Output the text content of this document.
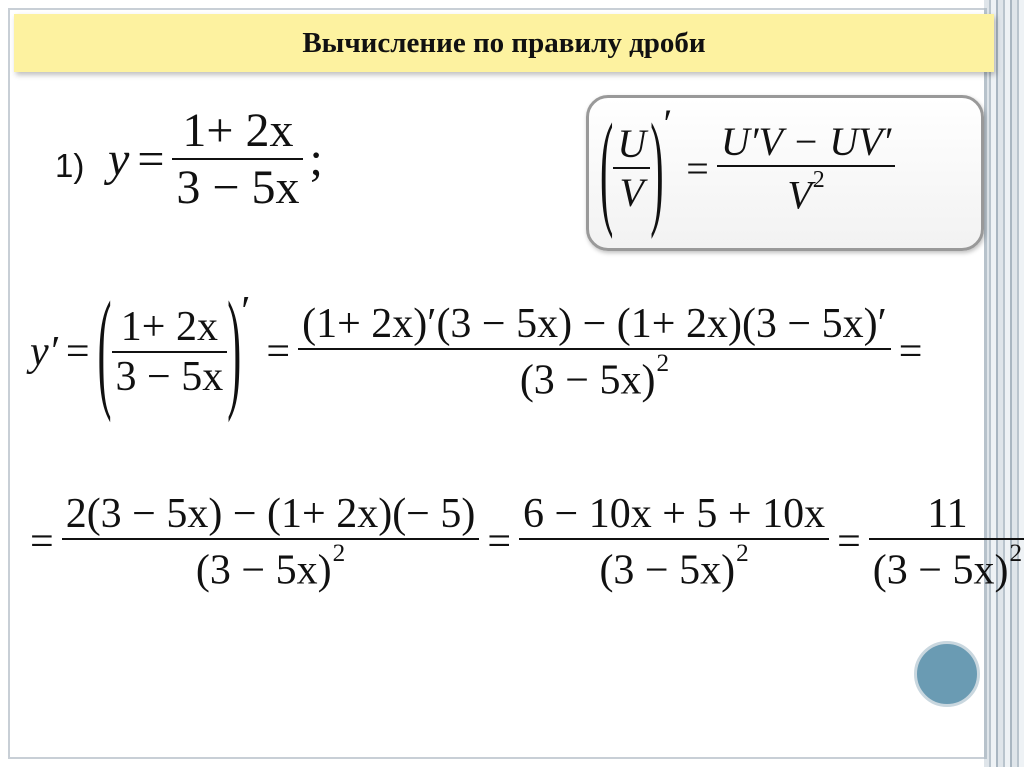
Вычисление по правилу дроби
1) $y = \frac{1+ 2x}{3 - 5x}$ ;	( $\frac{U}{V}$ ) ′
= $\frac{U'V - UV'}{V^2}$
y′ = ( $\frac{1+ 2x}{3 - 5x}$ ) ′
= $\frac{(1+ 2x)'(3 - 5x) - (1+ 2x)(3 - 5x)'}{(3 - 5x)^2}$ =
= $\frac{2(3 - 5x) - (1+ 2x)(- 5)}{(3 - 5x)^2} = \frac{6 - 10x + 5 + 10x}{(3 - 5x)^2} = \frac{11}{(3 - 5x)^2}$
